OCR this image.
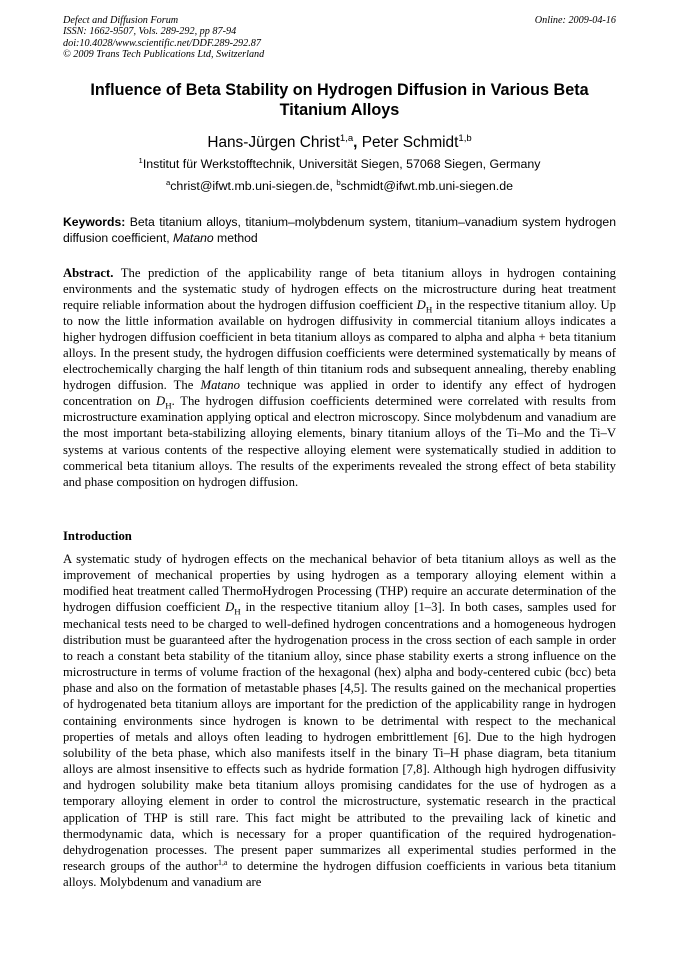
Defect and Diffusion Forum
ISSN: 1662-9507, Vols. 289-292, pp 87-94
doi:10.4028/www.scientific.net/DDF.289-292.87
© 2009 Trans Tech Publications Ltd, Switzerland
Online: 2009-04-16
Influence of Beta Stability on Hydrogen Diffusion in Various Beta Titanium Alloys
Hans-Jürgen Christ$^{1,a}$, Peter Schmidt$^{1,b}$
$^1$Institut für Werkstofftechnik, Universität Siegen, 57068 Siegen, Germany
$^a$christ@ifwt.mb.uni-siegen.de, $^b$schmidt@ifwt.mb.uni-siegen.de
Keywords: Beta titanium alloys, titanium–molybdenum system, titanium–vanadium system hydrogen diffusion coefficient, Matano method
Abstract. The prediction of the applicability range of beta titanium alloys in hydrogen containing environments and the systematic study of hydrogen effects on the microstructure during heat treatment require reliable information about the hydrogen diffusion coefficient $D_H$ in the respective titanium alloy. Up to now the little information available on hydrogen diffusivity in commercial titanium alloys indicates a higher hydrogen diffusion coefficient in beta titanium alloys as compared to alpha and alpha + beta titanium alloys. In the present study, the hydrogen diffusion coefficients were determined systematically by means of electrochemically charging the half length of thin titanium rods and subsequent annealing, thereby enabling hydrogen diffusion. The Matano technique was applied in order to identify any effect of hydrogen concentration on $D_H$. The hydrogen diffusion coefficients determined were correlated with results from microstructure examination applying optical and electron microscopy. Since molybdenum and vanadium are the most important beta-stabilizing alloying elements, binary titanium alloys of the Ti–Mo and the Ti–V systems at various contents of the respective alloying element were systematically studied in addition to commerical beta titanium alloys. The results of the experiments revealed the strong effect of beta stability and phase composition on hydrogen diffusion.
Introduction
A systematic study of hydrogen effects on the mechanical behavior of beta titanium alloys as well as the improvement of mechanical properties by using hydrogen as a temporary alloying element within a modified heat treatment called ThermoHydrogen Processing (THP) require an accurate determination of the hydrogen diffusion coefficient $D_H$ in the respective titanium alloy [1–3]. In both cases, samples used for mechanical tests need to be charged to well-defined hydrogen concentrations and a homogeneous hydrogen distribution must be guaranteed after the hydrogenation process in the cross section of each sample in order to reach a constant beta stability of the titanium alloy, since phase stability exerts a strong influence on the microstructure in terms of volume fraction of the hexagonal (hex) alpha and body-centered cubic (bcc) beta phase and also on the formation of metastable phases [4,5]. The results gained on the mechanical properties of hydrogenated beta titanium alloys are important for the prediction of the applicability range in hydrogen containing environments since hydrogen is known to be detrimental with respect to the mechanical properties of metals and alloys often leading to hydrogen embrittlement [6]. Due to the high hydrogen solubility of the beta phase, which also manifests itself in the binary Ti–H phase diagram, beta titanium alloys are almost insensitive to effects such as hydride formation [7,8]. Although high hydrogen diffusivity and hydrogen solubility make beta titanium alloys promising candidates for the use of hydrogen as a temporary alloying element in order to control the microstructure, systematic research in the practical application of THP is still rare. This fact might be attributed to the prevailing lack of kinetic and thermodynamic data, which is necessary for a proper quantification of the required hydrogenation-dehydrogenation processes. The present paper summarizes all experimental studies performed in the research groups of the author$^{1,a}$ to determine the hydrogen diffusion coefficients in various beta titanium alloys. Molybdenum and vanadium are
